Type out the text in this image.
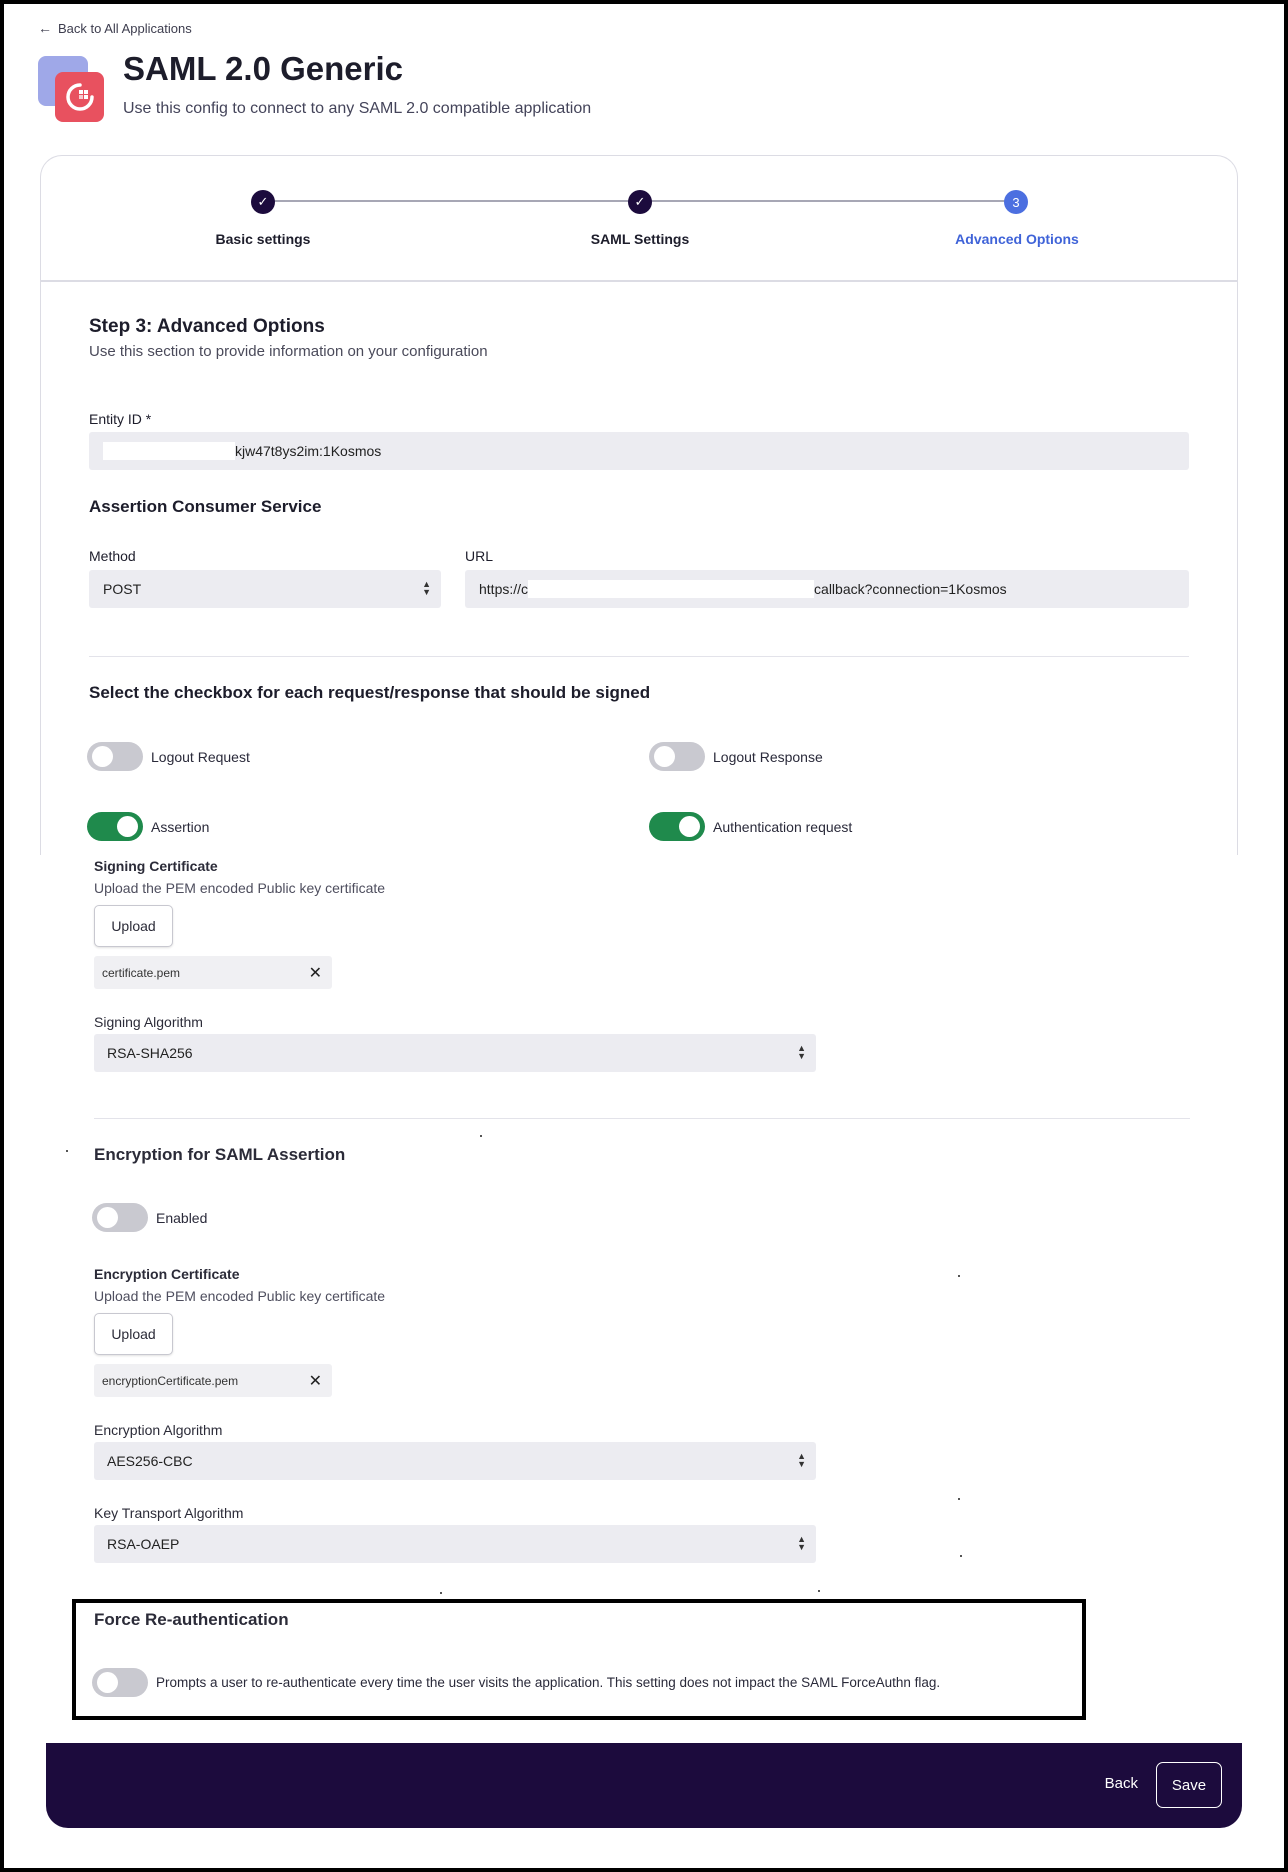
← Back to All Applications
SAML 2.0 Generic
Use this config to connect to any SAML 2.0 compatible application
✓	✓	3
Basic settings	SAML Settings	Advanced Options
Step 3: Advanced Options
Use this section to provide information on your configuration
Entity ID *
kjw47t8ys2im:1Kosmos
Assertion Consumer Service
Method
POST	▲
▼
URL
https://c	callback?connection=1Kosmos
Select the checkbox for each request/response that should be signed
Logout Request	Logout Response
Assertion	Authentication request
Signing Certificate
Upload the PEM encoded Public key certificate
Upload
certificate.pem	✕
Signing Algorithm
RSA-SHA256	▲
▼
Encryption for SAML Assertion
Enabled
Encryption Certificate
Upload the PEM encoded Public key certificate
Upload
encryptionCertificate.pem	✕
Encryption Algorithm
AES256-CBC	▲
▼
Key Transport Algorithm
RSA-OAEP	▲
▼
Force Re-authentication
Prompts a user to re-authenticate every time the user visits the application. This setting does not impact the SAML ForceAuthn flag.
Back	Save
